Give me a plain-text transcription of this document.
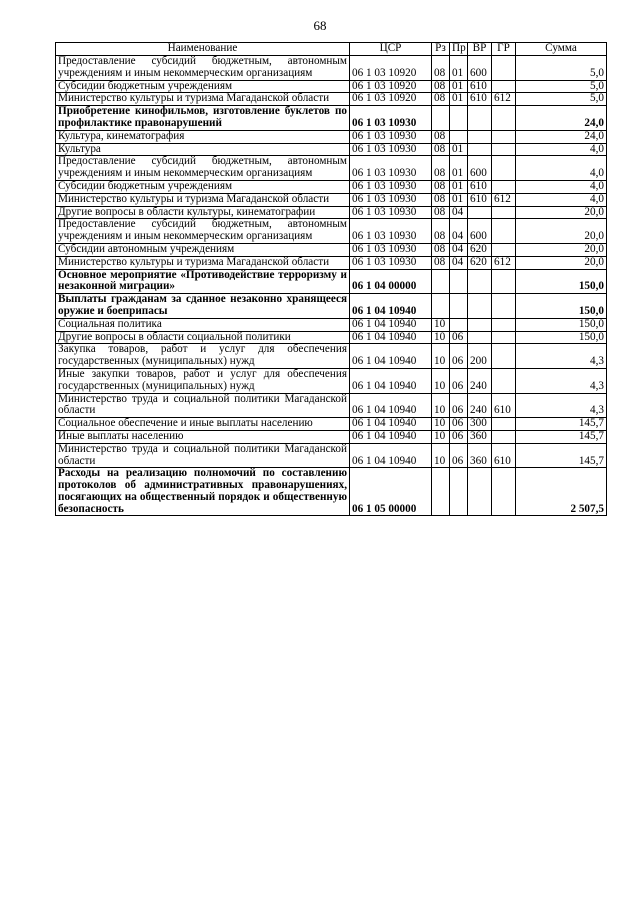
68
Наименование	ЦСР	Рз	Пр	ВР	ГР	Сумма
Предоставление субсидий бюджетным, автономным учреждениям и иным некоммерческим организациям	06 1 03 10920	08	01	600		5,0
Субсидии бюджетным учреждениям	06 1 03 10920	08	01	610		5,0
Министерство культуры и туризма Магаданской области	06 1 03 10920	08	01	610	612	5,0
Приобретение кинофильмов, изготовление буклетов по профилактике правонарушений	06 1 03 10930					24,0
Культура, кинематография	06 1 03 10930	08				24,0
Культура	06 1 03 10930	08	01			4,0
Предоставление субсидий бюджетным, автономным учреждениям и иным некоммерческим организациям	06 1 03 10930	08	01	600		4,0
Субсидии бюджетным учреждениям	06 1 03 10930	08	01	610		4,0
Министерство культуры и туризма Магаданской области	06 1 03 10930	08	01	610	612	4,0
Другие вопросы в области культуры, кинематографии	06 1 03 10930	08	04			20,0
Предоставление субсидий бюджетным, автономным учреждениям и иным некоммерческим организациям	06 1 03 10930	08	04	600		20,0
Субсидии автономным учреждениям	06 1 03 10930	08	04	620		20,0
Министерство культуры и туризма Магаданской области	06 1 03 10930	08	04	620	612	20,0
Основное мероприятие «Противодействие терроризму и незаконной миграции»	06 1 04 00000					150,0
Выплаты гражданам за сданное незаконно хранящееся оружие и боеприпасы	06 1 04 10940					150,0
Социальная политика	06 1 04 10940	10				150,0
Другие вопросы в области социальной политики	06 1 04 10940	10	06			150,0
Закупка товаров, работ и услуг для обеспечения государственных (муниципальных) нужд	06 1 04 10940	10	06	200		4,3
Иные закупки товаров, работ и услуг для обеспечения государственных (муниципальных) нужд	06 1 04 10940	10	06	240		4,3
Министерство труда и социальной политики Магаданской области	06 1 04 10940	10	06	240	610	4,3
Социальное обеспечение и иные выплаты населению	06 1 04 10940	10	06	300		145,7
Иные выплаты населению	06 1 04 10940	10	06	360		145,7
Министерство труда и социальной политики Магаданской области	06 1 04 10940	10	06	360	610	145,7
Расходы на реализацию полномочий по составлению протоколов об административных правонарушениях, посягающих на общественный порядок и общественную безопасность	06 1 05 00000					2 507,5
